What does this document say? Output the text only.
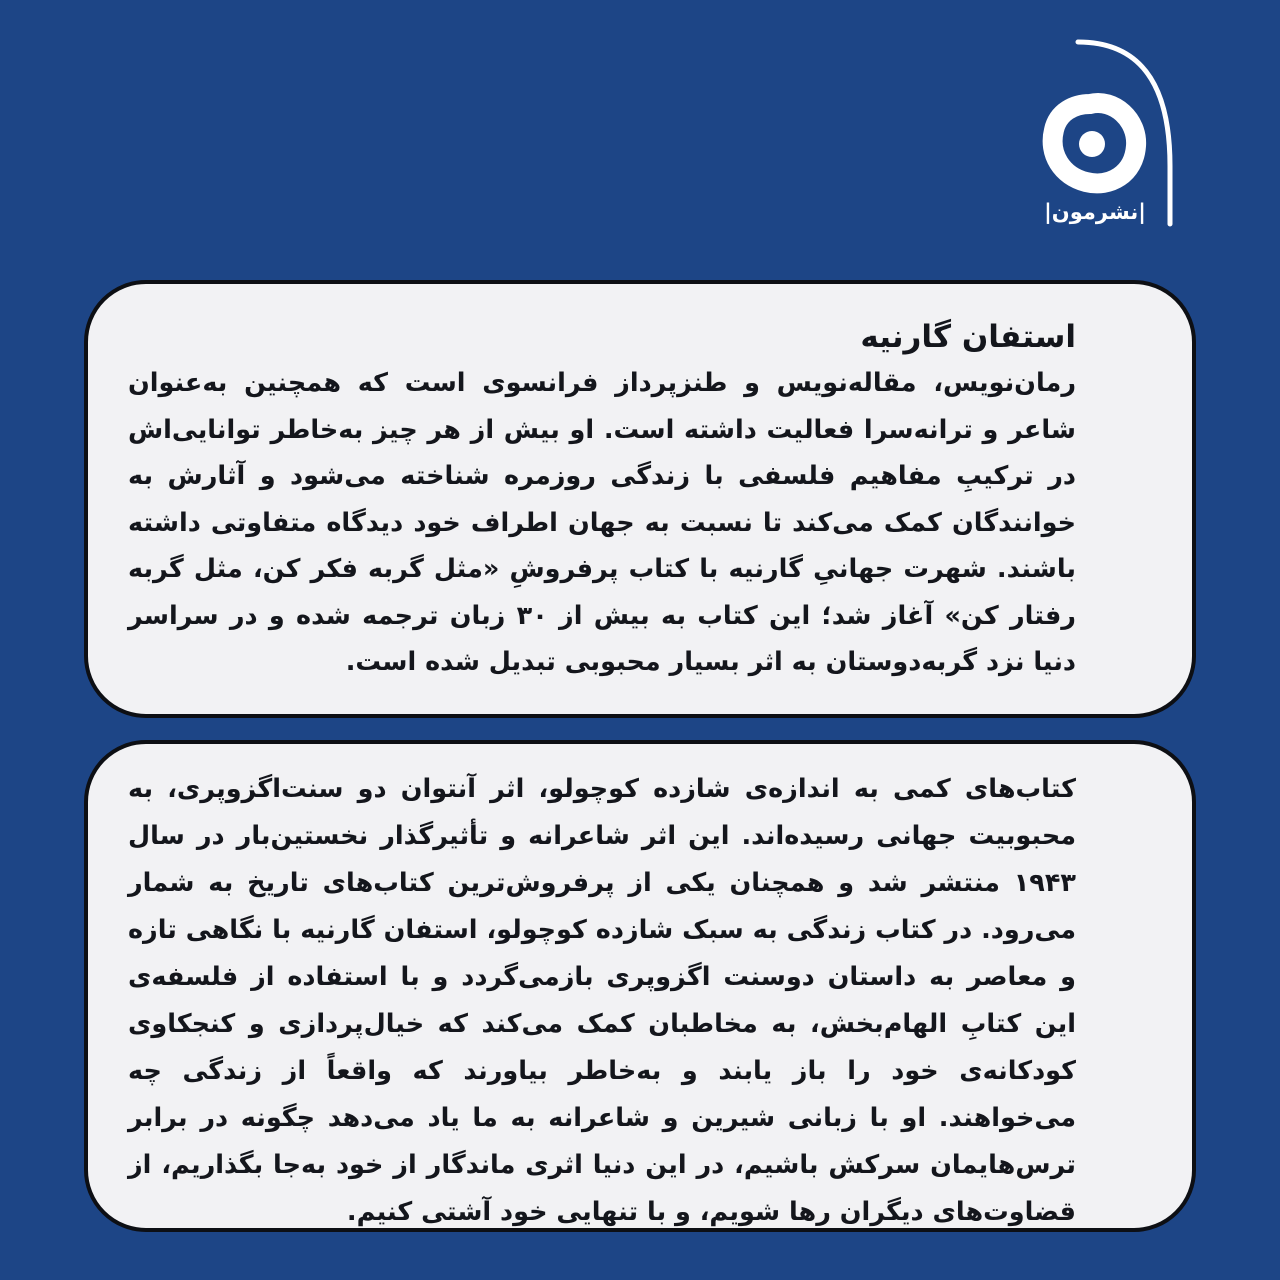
|نشرمون|
استفان گارنیه

رمان‌نویس، مقاله‌نویس و طنزپرداز فرانسوی است که همچنین به‌عنوان شاعر و ترانه‌سرا فعالیت داشته است. او بیش از هر چیز به‌خاطر توانایی‌اش در ترکیبِ مفاهیم فلسفی با زندگی روزمره شناخته می‌شود و آثارش به خوانندگان کمک می‌کند تا نسبت به جهان اطراف خود دیدگاه متفاوتی داشته باشند. شهرت جهانیِ گارنیه با کتاب پرفروشِ «مثل گربه فکر کن، مثل گربه رفتار کن» آغاز شد؛ این کتاب به بیش از ۳۰ زبان ترجمه شده و در سراسر دنیا نزد گربه‌دوستان به اثر بسیار محبوبی تبدیل شده است.

کتاب‌های کمی به اندازه‌ی شازده کوچولو، اثر آنتوان دو سنت‌اگزوپری، به محبوبیت جهانی رسیده‌اند. این اثر شاعرانه و تأثیرگذار نخستین‌بار در سال ۱۹۴۳ منتشر شد و همچنان یکی از پرفروش‌ترین کتاب‌های تاریخ به شمار می‌رود. در کتاب زندگی به سبک شازده کوچولو، استفان گارنیه با نگاهی تازه و معاصر به داستان دوسنت اگزوپری بازمی‌گردد و با استفاده از فلسفه‌ی این کتابِ الهام‌بخش، به مخاطبان کمک می‌کند که خیال‌پردازی و کنجکاوی کودکانه‌ی خود را باز یابند و به‌خاطر بیاورند که واقعاً از زندگی چه می‌خواهند. او با زبانی شیرین و شاعرانه به ما یاد می‌دهد چگونه در برابر ترس‌هایمان سرکش باشیم، در این دنیا اثری ماندگار از خود به‌جا بگذاریم، از قضاوت‌های دیگران رها شویم، و با تنهایی خود آشتی کنیم.
